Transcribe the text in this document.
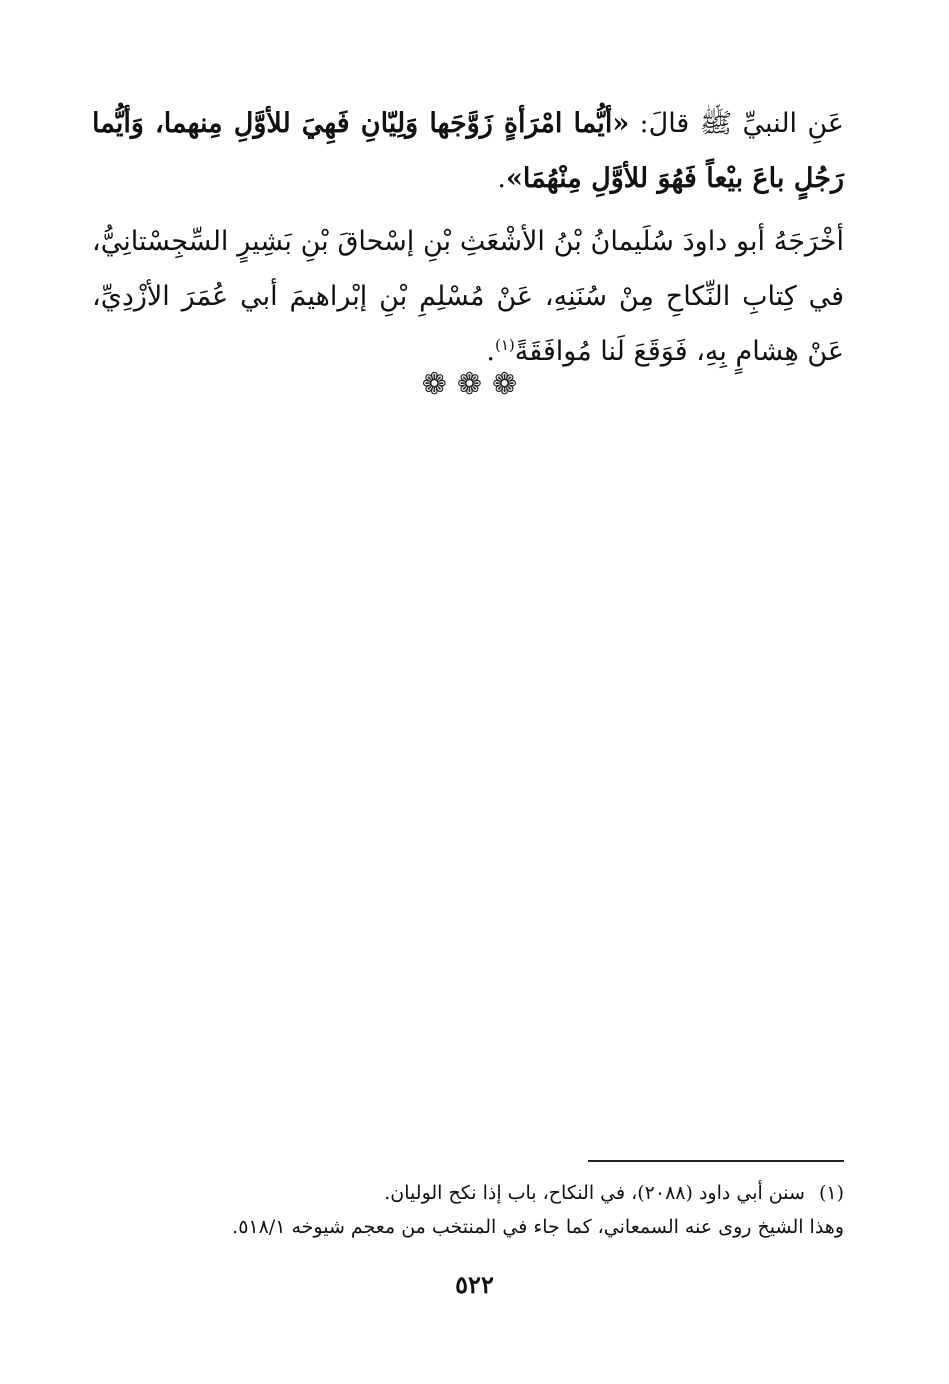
عَنِ النبيِّ ﷺ قالَ: «أيُّما امْرَأةٍ زَوَّجَها وَلِيّانِ فَهِيَ للأوَّلِ مِنهما، وَأيُّما رَجُلٍ باعَ بيْعاً فَهُوَ للأوَّلِ مِنْهُمَا».

أخْرَجَهُ أبو داودَ سُلَيمانُ بْنُ الأشْعَثِ بْنِ إسْحاقَ بْنِ بَشِيرٍ السِّجِسْتانِيُّ، في كِتابِ النِّكاحِ مِنْ سُنَنِهِ، عَنْ مُسْلِمِ بْنِ إبْراهيمَ أبي عُمَرَ الأزْدِيِّ، عَنْ هِشامٍ بِهِ، فَوَقَعَ لَنا مُوافَقَةً$^{(١)}$.

❁❁❁

(١)سنن أبي داود (٢٠٨٨)، في النكاح، باب إذا نكح الوليان.

وهذا الشيخ روى عنه السمعاني، كما جاء في المنتخب من معجم شيوخه ٥١٨/١.

٥٢٢
